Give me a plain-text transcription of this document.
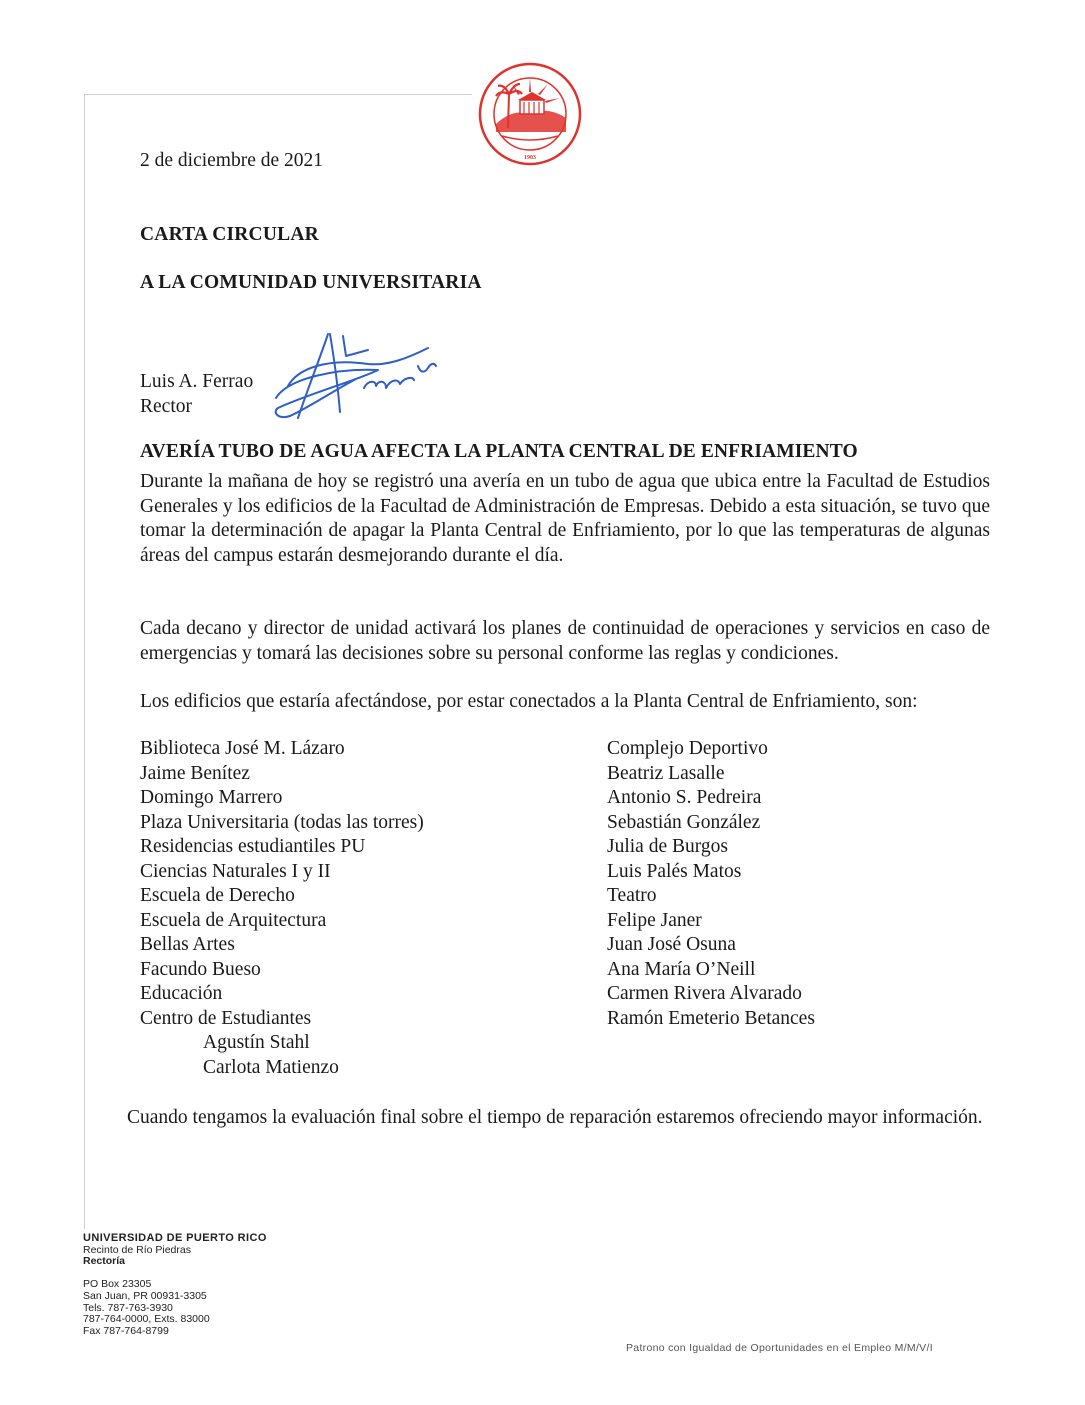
1903
2 de diciembre de 2021
CARTA CIRCULAR
A LA COMUNIDAD UNIVERSITARIA
Luis A. Ferrao
Rector
AVERÍA TUBO DE AGUA AFECTA LA PLANTA CENTRAL DE ENFRIAMIENTO
Durante la mañana de hoy se registró una avería en un tubo de agua que ubica entre la Facultad de Estudios Generales y los edificios de la Facultad de Administración de Empresas. Debido a esta situación, se tuvo que tomar la determinación de apagar la Planta Central de Enfriamiento, por lo que las temperaturas de algunas áreas del campus estarán desmejorando durante el día.
Cada decano y director de unidad activará los planes de continuidad de operaciones y servicios en caso de emergencias y tomará las decisiones sobre su personal conforme las reglas y condiciones.
Los edificios que estaría afectándose, por estar conectados a la Planta Central de Enfriamiento, son:
Biblioteca José M. Lázaro
Jaime Benítez
Domingo Marrero
Plaza Universitaria (todas las torres)
Residencias estudiantiles PU
Ciencias Naturales I y II
Escuela de Derecho
Escuela de Arquitectura
Bellas Artes
Facundo Bueso
Educación
Centro de Estudiantes
Agustín Stahl
Carlota Matienzo
Complejo Deportivo
Beatriz Lasalle
Antonio S. Pedreira
Sebastián González
Julia de Burgos
Luis Palés Matos
Teatro
Felipe Janer
Juan José Osuna
Ana María O’Neill
Carmen Rivera Alvarado
Ramón Emeterio Betances
Cuando tengamos la evaluación final sobre el tiempo de reparación estaremos ofreciendo mayor información.
UNIVERSIDAD DE PUERTO RICO
Recinto de Río Piedras
Rectoría
PO Box 23305
San Juan, PR 00931-3305
Tels. 787-763-3930
787-764-0000, Exts. 83000
Fax 787-764-8799
Patrono con Igualdad de Oportunidades en el Empleo M/M/V/I
